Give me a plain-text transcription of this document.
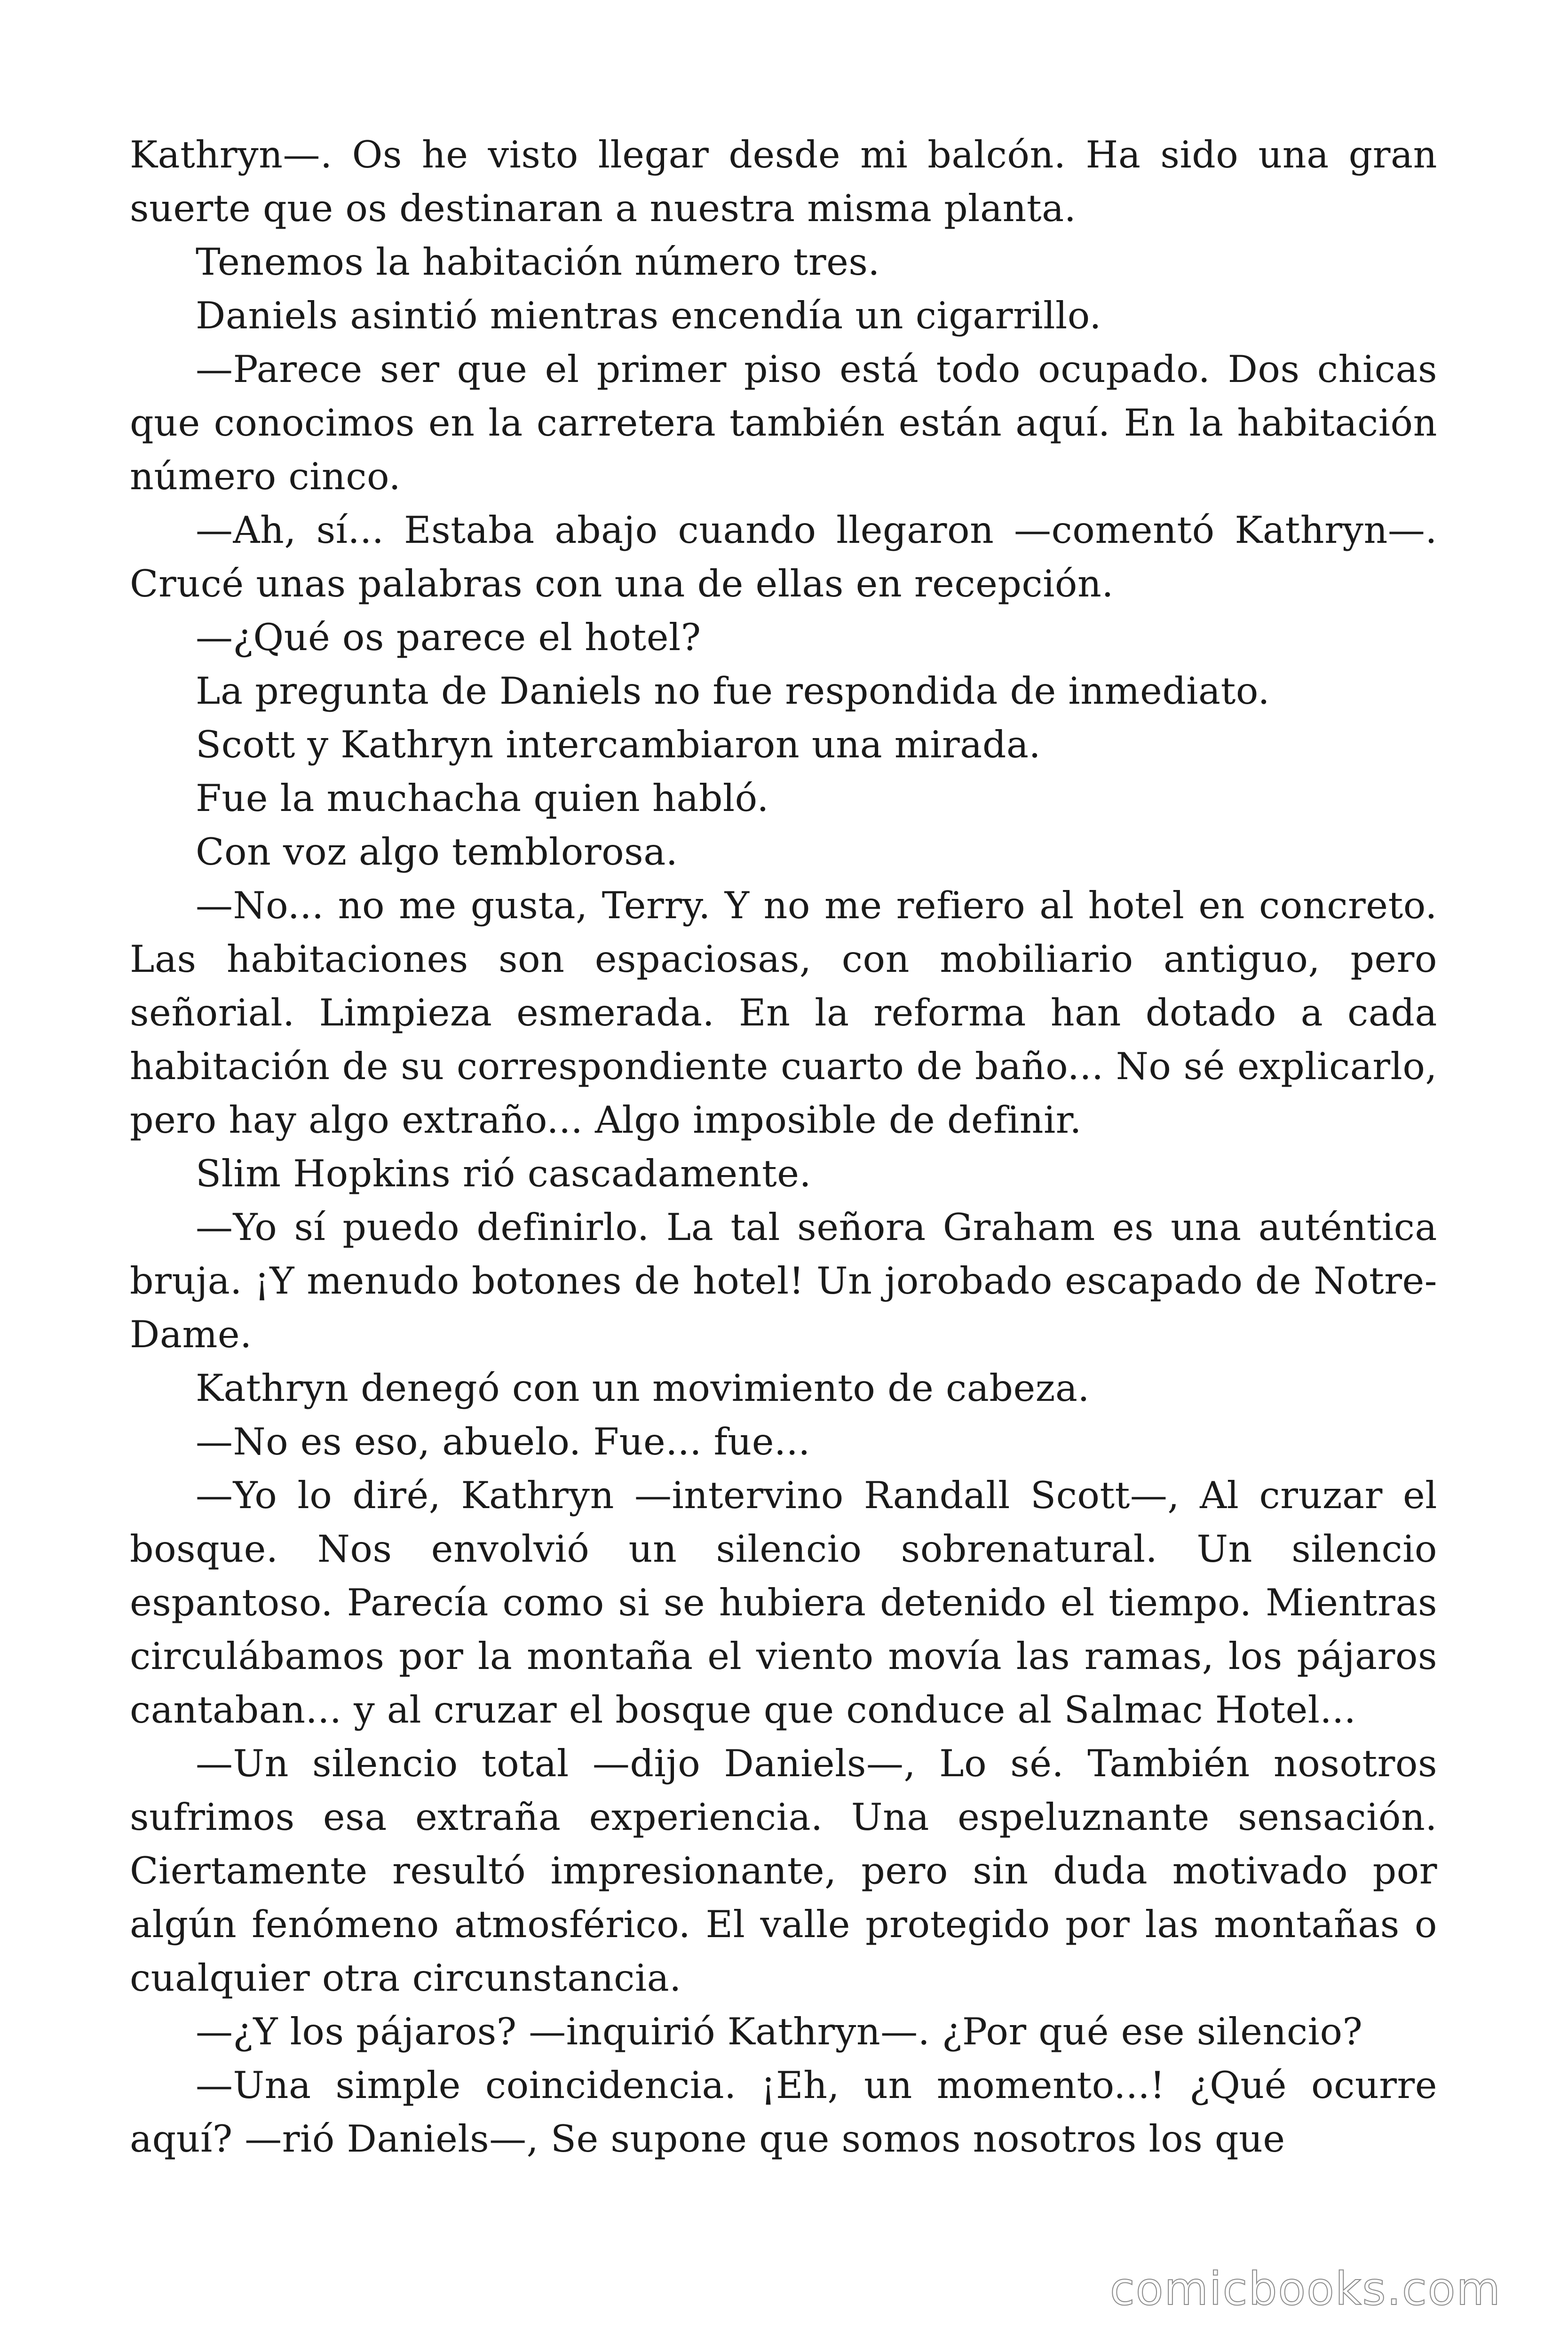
Kathryn—. Os he visto llegar desde mi balcón. Ha sido una gran suerte que os destinaran a nuestra misma planta.

Tenemos la habitación número tres.

Daniels asintió mientras encendía un cigarrillo.

—Parece ser que el primer piso está todo ocupado. Dos chicas que conocimos en la carretera también están aquí. En la habitación número cinco.

—Ah, sí... Estaba abajo cuando llegaron —comentó Kathryn—. Crucé unas palabras con una de ellas en recepción.

—¿Qué os parece el hotel?

La pregunta de Daniels no fue respondida de inmediato.

Scott y Kathryn intercambiaron una mirada.

Fue la muchacha quien habló.

Con voz algo temblorosa.

—No... no me gusta, Terry. Y no me refiero al hotel en concreto. Las habitaciones son espaciosas, con mobiliario antiguo, pero señorial. Limpieza esmerada. En la reforma han dotado a cada habitación de su correspondiente cuarto de baño... No sé explicarlo, pero hay algo extraño... Algo imposible de definir.

Slim Hopkins rió cascadamente.

—Yo sí puedo definirlo. La tal señora Graham es una auténtica bruja. ¡Y menudo botones de hotel! Un jorobado escapado de Notre-Dame.

Kathryn denegó con un movimiento de cabeza.

—No es eso, abuelo. Fue... fue...

—Yo lo diré, Kathryn —intervino Randall Scott—, Al cruzar el bosque. Nos envolvió un silencio sobrenatural. Un silencio espantoso. Parecía como si se hubiera detenido el tiempo. Mientras circulábamos por la montaña el viento movía las ramas, los pájaros cantaban... y al cruzar el bosque que conduce al Salmac Hotel...

—Un silencio total —dijo Daniels—, Lo sé. También nosotros sufrimos esa extraña experiencia. Una espeluznante sensación. Ciertamente resultó impresionante, pero sin duda motivado por algún fenómeno atmosférico. El valle protegido por las montañas o cualquier otra circunstancia.

—¿Y los pájaros? —inquirió Kathryn—. ¿Por qué ese silencio?

—Una simple coincidencia. ¡Eh, un momento...! ¿Qué ocurre aquí? —rió Daniels—, Se supone que somos nosotros los que

comicbooks.com
